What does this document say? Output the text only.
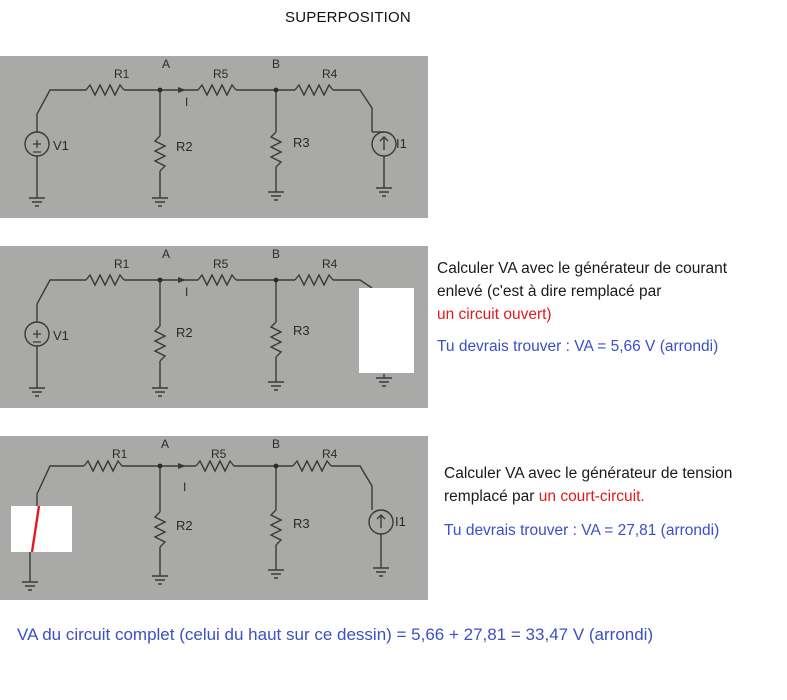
SUPERPOSITION
R1	R5	R4
A	B
I
R2	R3
V1	I1
R1	R5	R4
A	B
I
R2	R3
V1
Calculer VA avec le générateur de courant
enlevé (c'est à dire remplacé par
un circuit ouvert)
Tu devrais trouver : VA = 5,66 V (arrondi)
R1	R5	R4
A	B
I
R2	R3	I1
Calculer VA avec le générateur de tension
remplacé par un court-circuit.
Tu devrais trouver : VA = 27,81 (arrondi)
VA du circuit complet (celui du haut sur ce dessin) = 5,66 + 27,81 = 33,47 V (arrondi)
